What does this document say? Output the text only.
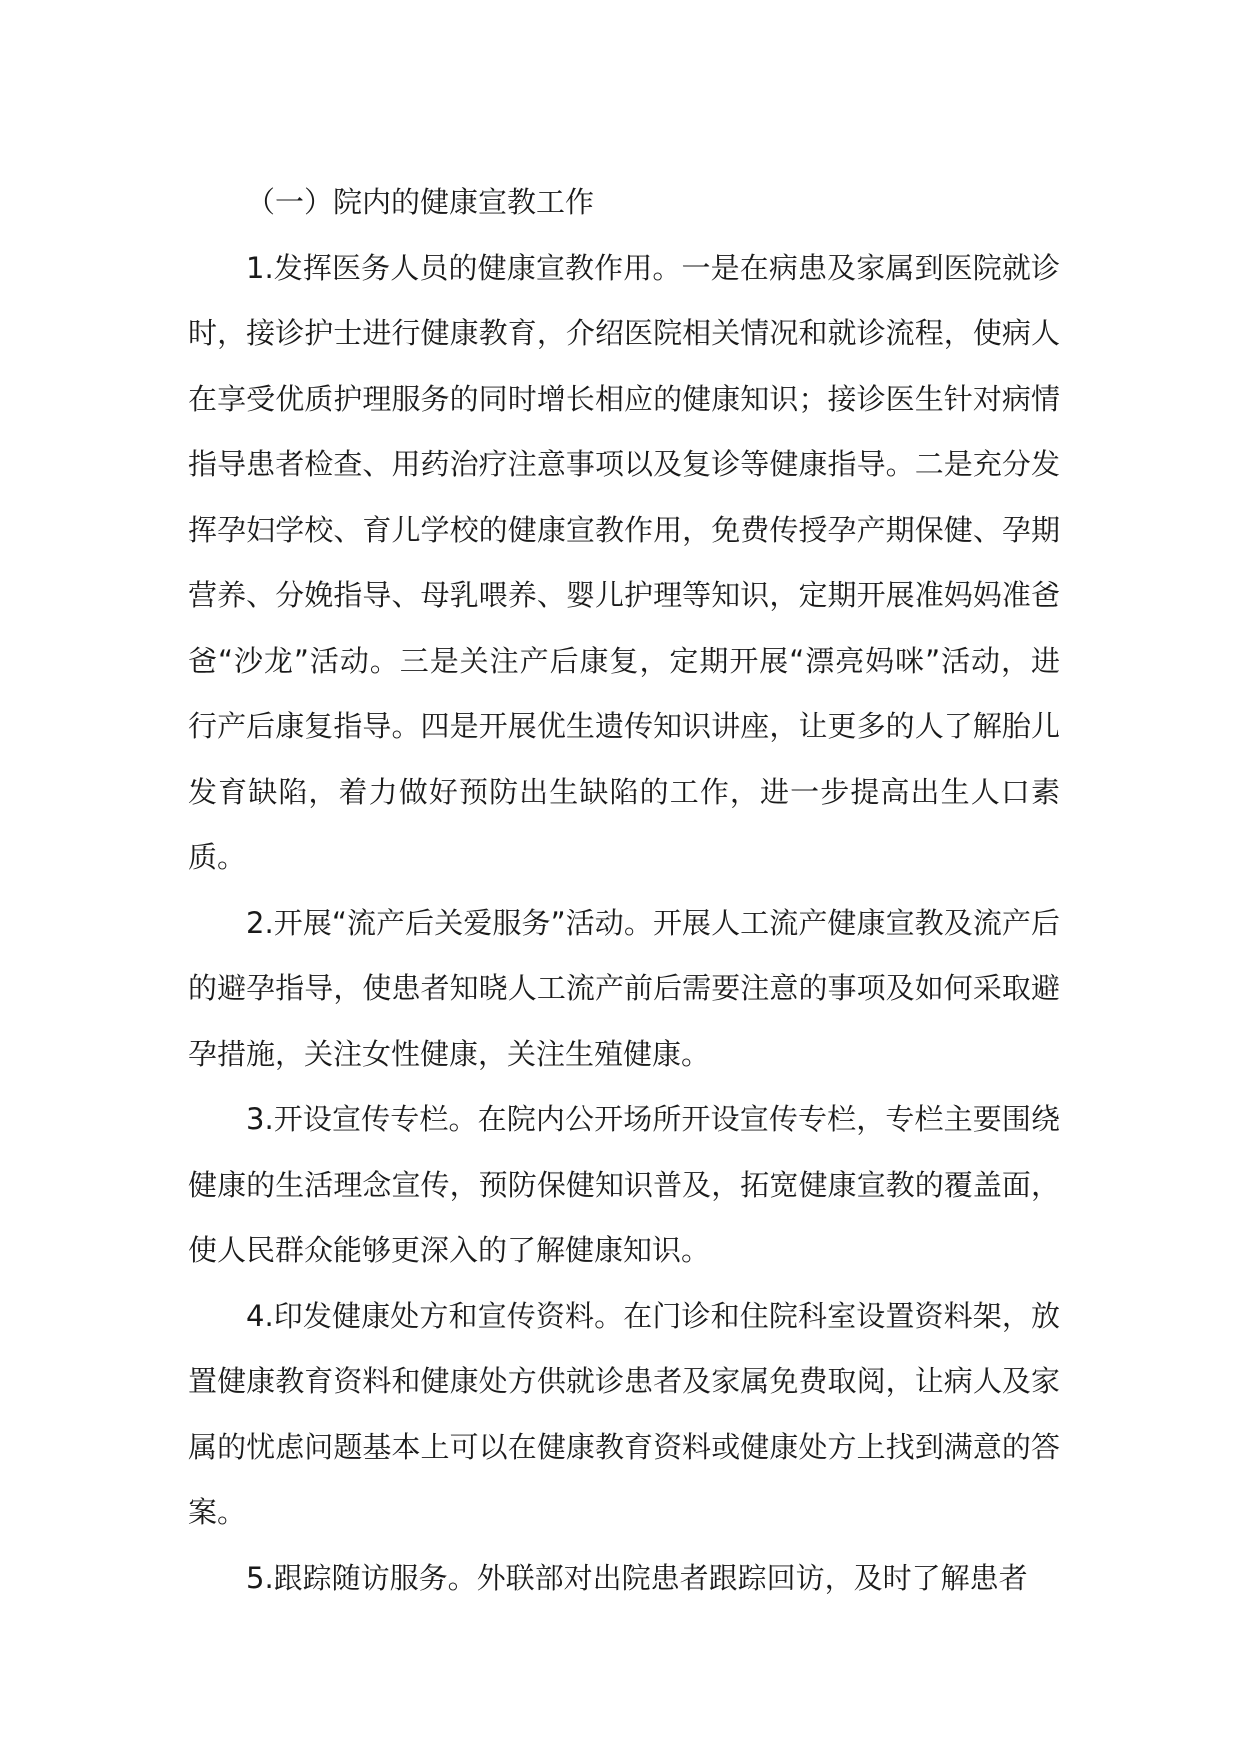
（一）院内的健康宣教工作

1.发挥医务人员的健康宣教作用。一是在病患及家属到医院就诊时，接诊护士进行健康教育，介绍医院相关情况和就诊流程，使病人在享受优质护理服务的同时增长相应的健康知识；接诊医生针对病情指导患者检查、用药治疗注意事项以及复诊等健康指导。二是充分发挥孕妇学校、育儿学校的健康宣教作用，免费传授孕产期保健、孕期营养、分娩指导、母乳喂养、婴儿护理等知识，定期开展准妈妈准爸爸“沙龙”活动。三是关注产后康复，定期开展“漂亮妈咪”活动，进行产后康复指导。四是开展优生遗传知识讲座，让更多的人了解胎儿发育缺陷，着力做好预防出生缺陷的工作，进一步提高出生人口素质。

2.开展“流产后关爱服务”活动。开展人工流产健康宣教及流产后的避孕指导，使患者知晓人工流产前后需要注意的事项及如何采取避孕措施，关注女性健康，关注生殖健康。

3.开设宣传专栏。在院内公开场所开设宣传专栏，专栏主要围绕健康的生活理念宣传，预防保健知识普及，拓宽健康宣教的覆盖面，使人民群众能够更深入的了解健康知识。

4.印发健康处方和宣传资料。在门诊和住院科室设置资料架，放置健康教育资料和健康处方供就诊患者及家属免费取阅，让病人及家属的忧虑问题基本上可以在健康教育资料或健康处方上找到满意的答案。

5.跟踪随访服务。外联部对出院患者跟踪回访，及时了解患者
